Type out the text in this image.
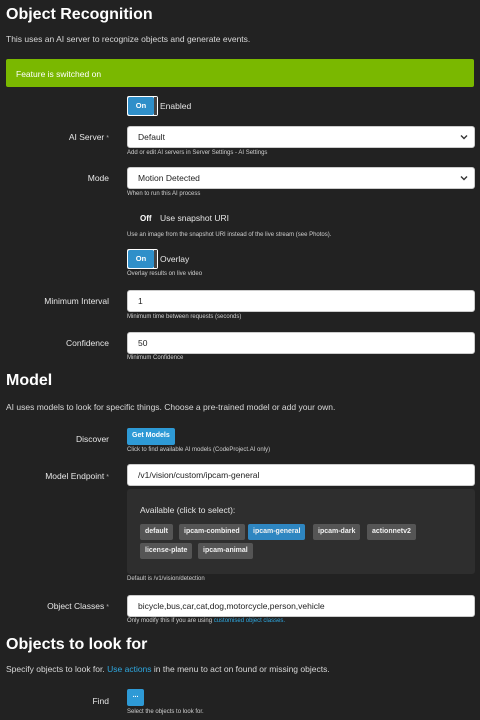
Object Recognition
This uses an AI server to recognize objects and generate events.
Feature is switched on
On	Enabled
AI Server *	Default
Add or edit AI servers in Server Settings - AI Settings
Mode	Motion Detected
When to run this AI process
Off Use snapshot URI
Use an image from the snapshot URI instead of the live stream (see Photos).
On	Overlay
Overlay results on live video
Minimum Interval	1
Minimum time between requests (seconds)
Confidence	50
Minimum Confidence
Model
AI uses models to look for specific things. Choose a pre-trained model or add your own.
Discover	Get Models
Click to find available AI models (CodeProject.AI only)
Model Endpoint *	/v1/vision/custom/ipcam-general
Available (click to select):
default	ipcam-combined	ipcam-general	ipcam-dark	actionnetv2
license-plate	ipcam-animal
Default is /v1/vision/detection
Object Classes *	bicycle,bus,car,cat,dog,motorcycle,person,vehicle
Only modify this if you are using customised object classes.
Objects to look for
Specify objects to look for. Use actions in the menu to act on found or missing objects.
Find
...
Select the objects to look for.
